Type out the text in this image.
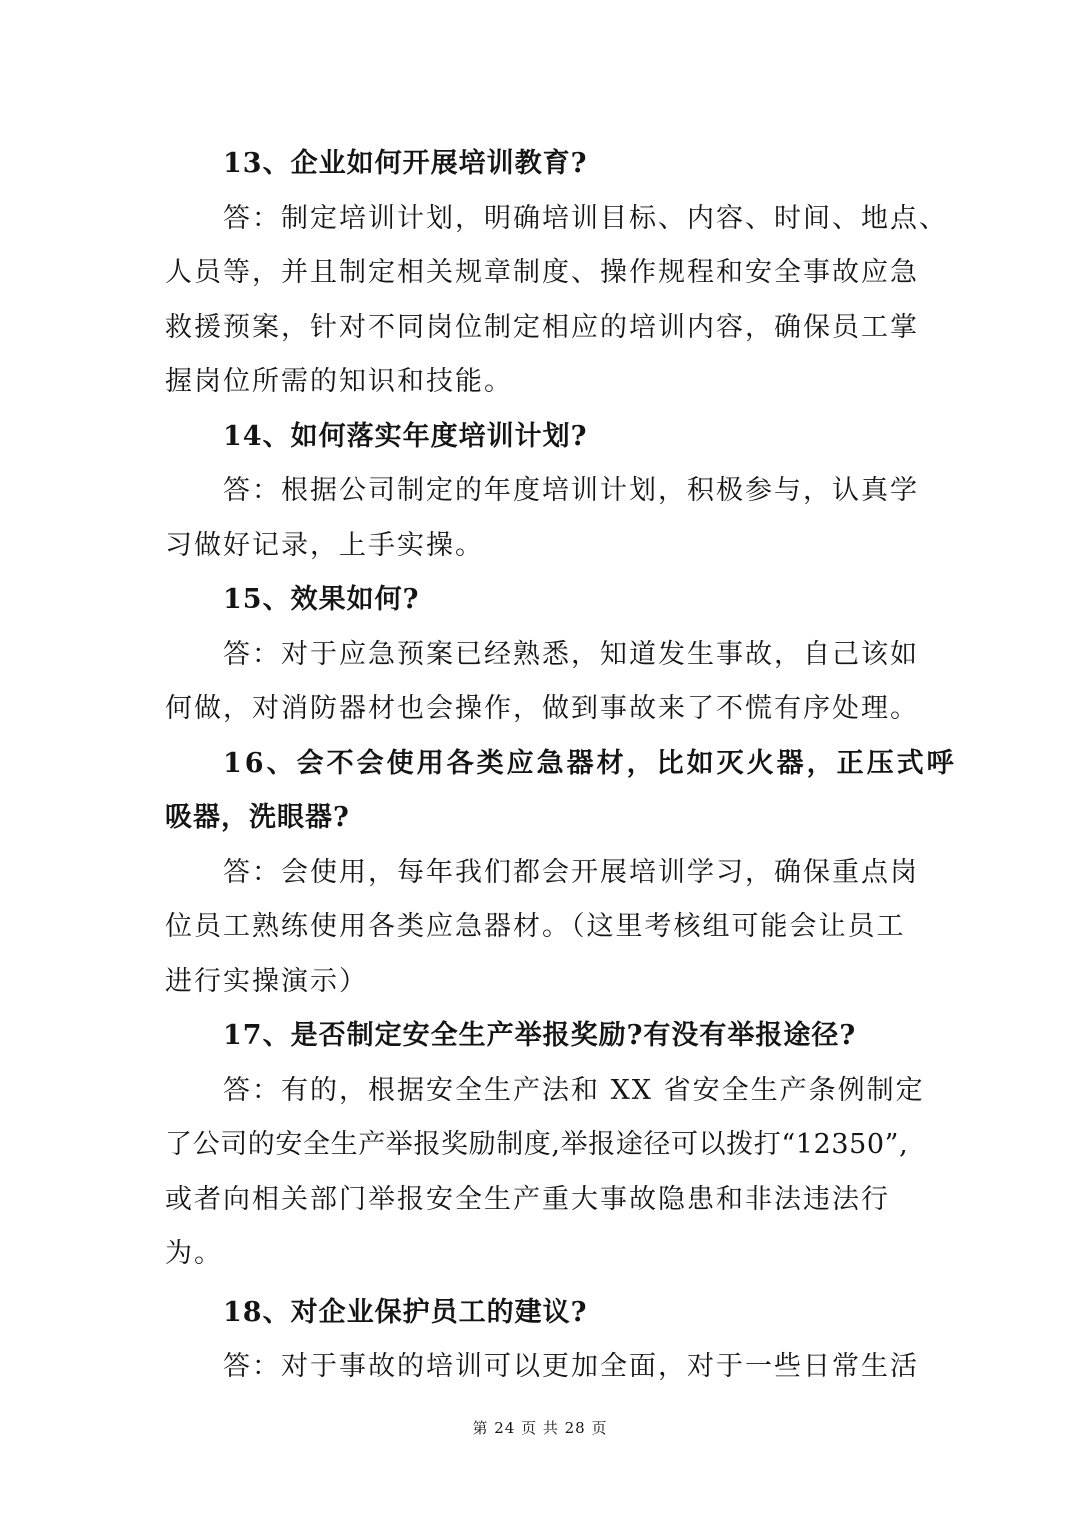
13、企业如何开展培训教育?
答：制定培训计划，明确培训目标、内容、时间、地点、
人员等，并且制定相关规章制度、操作规程和安全事故应急
救援预案，针对不同岗位制定相应的培训内容，确保员工掌
握岗位所需的知识和技能。
14、如何落实年度培训计划?
答：根据公司制定的年度培训计划，积极参与，认真学
习做好记录，上手实操。
15、效果如何?
答：对于应急预案已经熟悉，知道发生事故，自己该如
何做，对消防器材也会操作，做到事故来了不慌有序处理。
16、会不会使用各类应急器材，比如灭火器，正压式呼
吸器，洗眼器?
答：会使用，每年我们都会开展培训学习，确保重点岗
位员工熟练使用各类应急器材。（这里考核组可能会让员工
进行实操演示）
17、是否制定安全生产举报奖励?有没有举报途径?
答：有的，根据安全生产法和 XX 省安全生产条例制定
了公司的安全生产举报奖励制度,举报途径可以拨打“12350”,
或者向相关部门举报安全生产重大事故隐患和非法违法行
为。
18、对企业保护员工的建议?
答：对于事故的培训可以更加全面，对于一些日常生活
第 24 页 共 28 页
